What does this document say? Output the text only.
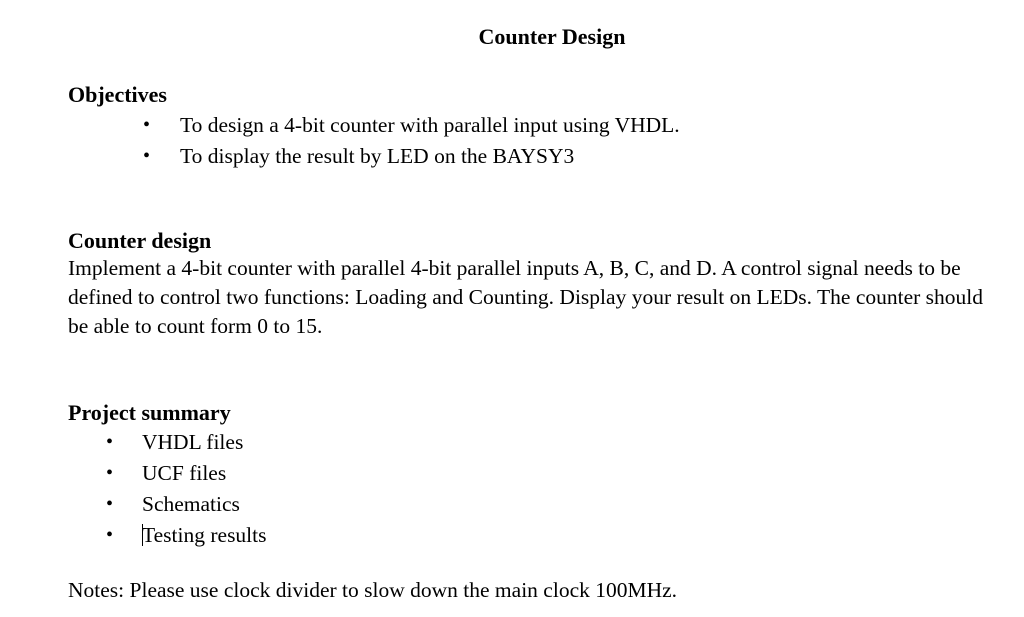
Counter Design
Objectives
• To design a 4-bit counter with parallel input using VHDL.
• To display the result by LED on the BAYSY3
Counter design

Implement a 4-bit counter with parallel 4-bit parallel inputs A, B, C, and D. A control signal needs to be defined to control two functions: Loading and Counting. Display your result on LEDs. The counter should be able to count form 0 to 15.

Project summary
• VHDL files
• UCF files
• Schematics
• Testing results

Notes: Please use clock divider to slow down the main clock 100MHz.
